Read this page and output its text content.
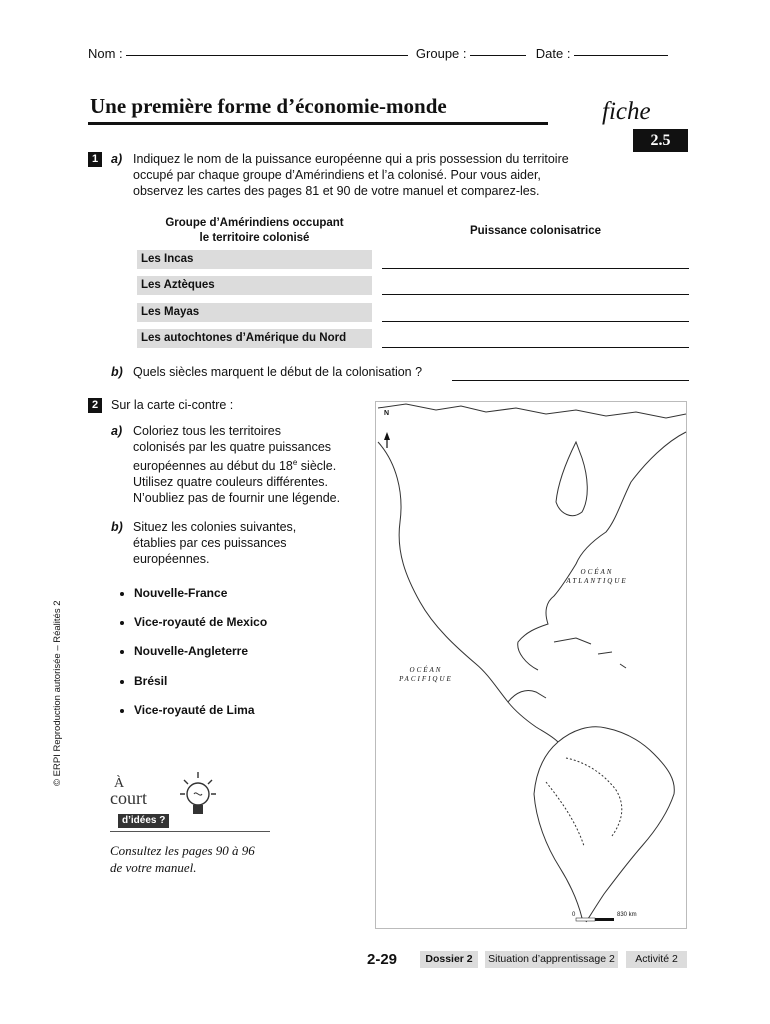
Nom :	Groupe :	Date :
Une première forme d’économie-monde	fiche
2.5
1	a) Indiquez le nom de la puissance européenne qui a pris possession du territoire
occupé par chaque groupe d’Amérindiens et l’a colonisé. Pour vous aider,
observez les cartes des pages 81 et 90 de votre manuel et comparez-les.
Groupe d’Amérindiens occupant
le territoire colonisé
Puissance colonisatrice
Les Incas
Les Aztèques
Les Mayas
Les autochtones d’Amérique du Nord
b) Quels siècles marquent le début de la colonisation ?
2	Sur la carte ci-contre :
a) Coloriez tous les territoires
colonisés par les quatre puissances
européennes au début du 18e siècle.
Utilisez quatre couleurs différentes.
N’oubliez pas de fournir une légende.
b) Situez les colonies suivantes,
établies par ces puissances
européennes.
Nouvelle-France
Vice-royauté de Mexico
Nouvelle-Angleterre
Brésil
Vice-royauté de Lima
© ERPI Reproduction autorisée – Réalités 2
N
OCÉAN
ATLANTIQUE
OCÉAN
PACIFIQUE
0	830 km
À
court
d’idées ?
Consultez les pages 90 à 96
de votre manuel.
2-29	Dossier 2	Situation d’apprentissage 2	Activité 2
